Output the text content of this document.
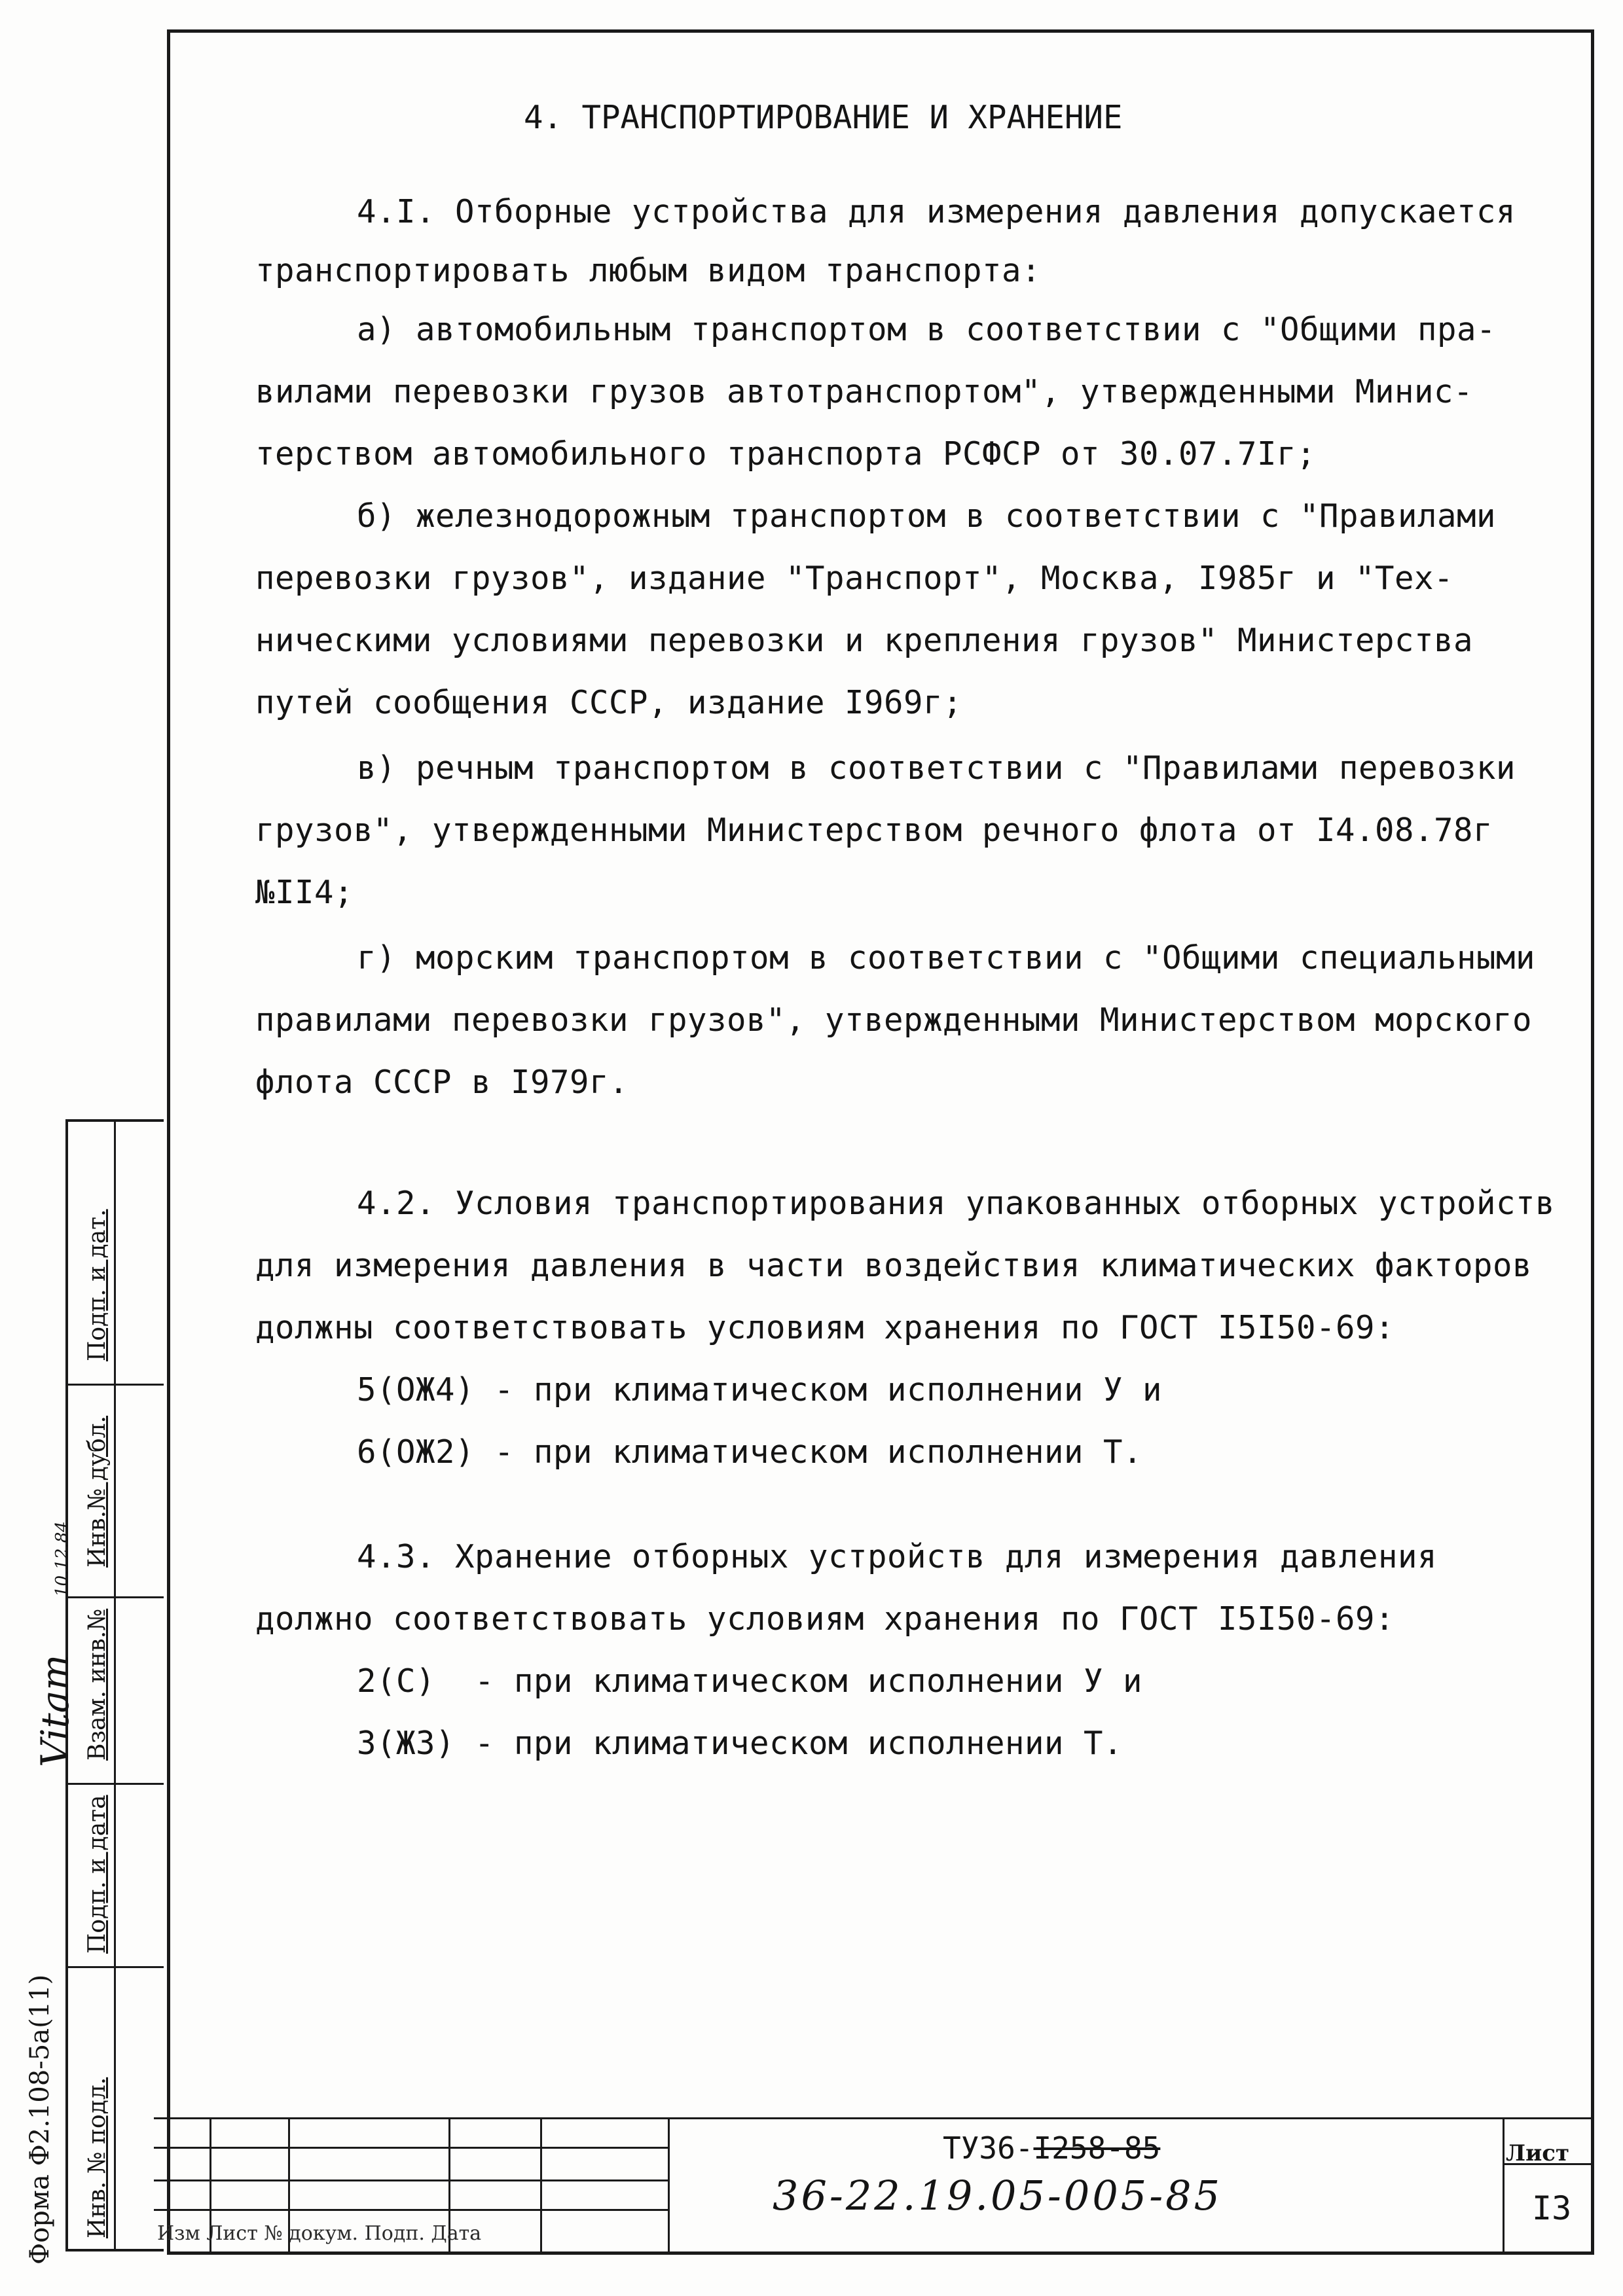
4. ТРАНСПОРТИРОВАНИЕ И ХРАНЕНИЕ
4.I. Отборные устройства для измерения давления допускается
транспортировать любым видом транспорта:
а) автомобильным транспортом в соответствии с "Общими пра-
вилами перевозки грузов автотранспортом", утвержденными Минис-
терством автомобильного транспорта РСФСР от 30.07.7Iг;
б) железнодорожным транспортом в соответствии с "Правилами
перевозки грузов", издание "Транспорт", Москва, I985г и "Тех-
ническими условиями перевозки и крепления грузов" Министерства
путей сообщения СССР, издание I969г;
в) речным транспортом в соответствии с "Правилами перевозки
грузов", утвержденными Министерством речного флота от I4.08.78г
№II4;
г) морским транспортом в соответствии с "Общими специальными
правилами перевозки грузов", утвержденными Министерством морского
флота СССР в I979г.
4.2. Условия транспортирования упакованных отборных устройств
для измерения давления в части воздействия климатических факторов
должны соответствовать условиям хранения по ГОСТ I5I50-69:
5(ОЖ4) - при климатическом исполнении У и
6(ОЖ2) - при климатическом исполнении Т.
4.3. Хранение отборных устройств для измерения давления
должно соответствовать условиям хранения по ГОСТ I5I50-69:
2(С)  - при климатическом исполнении У и
3(Ж3) - при климатическом исполнении Т.
Подп. и дат.
Инв.№ дубл.
Взам. инв.№
Подп. и дата
Инв. № подл.
Форма Ф2.108-5а(11)
Vitam
10.12.84
Изм Лист № докум. Подп. Дата
ТУ36-I258-85
36-22.19.05-005-85
Лист
I3
